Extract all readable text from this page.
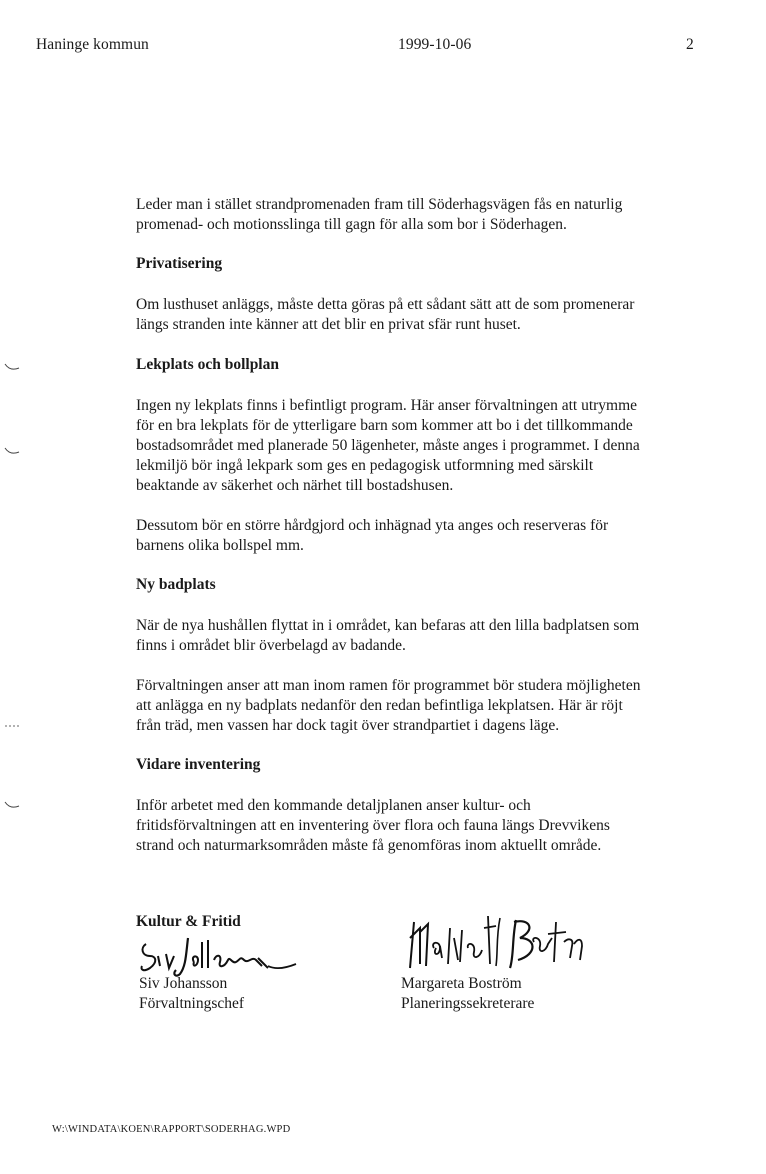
Haninge kommun	1999-10-06	2

Leder man i stället strandpromenaden fram till Söderhagsvägen fås en naturlig
promenad- och motionsslinga till gagn för alla som bor i Söderhagen.

Privatisering

Om lusthuset anläggs, måste detta göras på ett sådant sätt att de som promenerar
längs stranden inte känner att det blir en privat sfär runt huset.

Lekplats och bollplan

Ingen ny lekplats finns i befintligt program. Här anser förvaltningen att utrymme
för en bra lekplats för de ytterligare barn som kommer att bo i det tillkommande
bostadsområdet med planerade 50 lägenheter, måste anges i programmet. I denna
lekmiljö bör ingå lekpark som ges en pedagogisk utformning med särskilt
beaktande av säkerhet och närhet till bostadshusen.

Dessutom bör en större hårdgjord och inhägnad yta anges och reserveras för
barnens olika bollspel mm.

Ny badplats

När de nya hushållen flyttat in i området, kan befaras att den lilla badplatsen som
finns i området blir överbelagd av badande.

Förvaltningen anser att man inom ramen för programmet bör studera möjligheten
att anlägga en ny badplats nedanför den redan befintliga lekplatsen. Här är röjt
från träd, men vassen har dock tagit över strandpartiet i dagens läge.

Vidare inventering

Inför arbetet med den kommande detaljplanen anser kultur- och
fritidsförvaltningen att en inventering över flora och fauna längs Drevvikens
strand och naturmarksområden måste få genomföras inom aktuellt område.

Kultur & Fritid
Siv Johansson
Förvaltningschef
Margareta Boström
Planeringssekreterare
W:\WINDATA\KOEN\RAPPORT\SODERHAG.WPD
